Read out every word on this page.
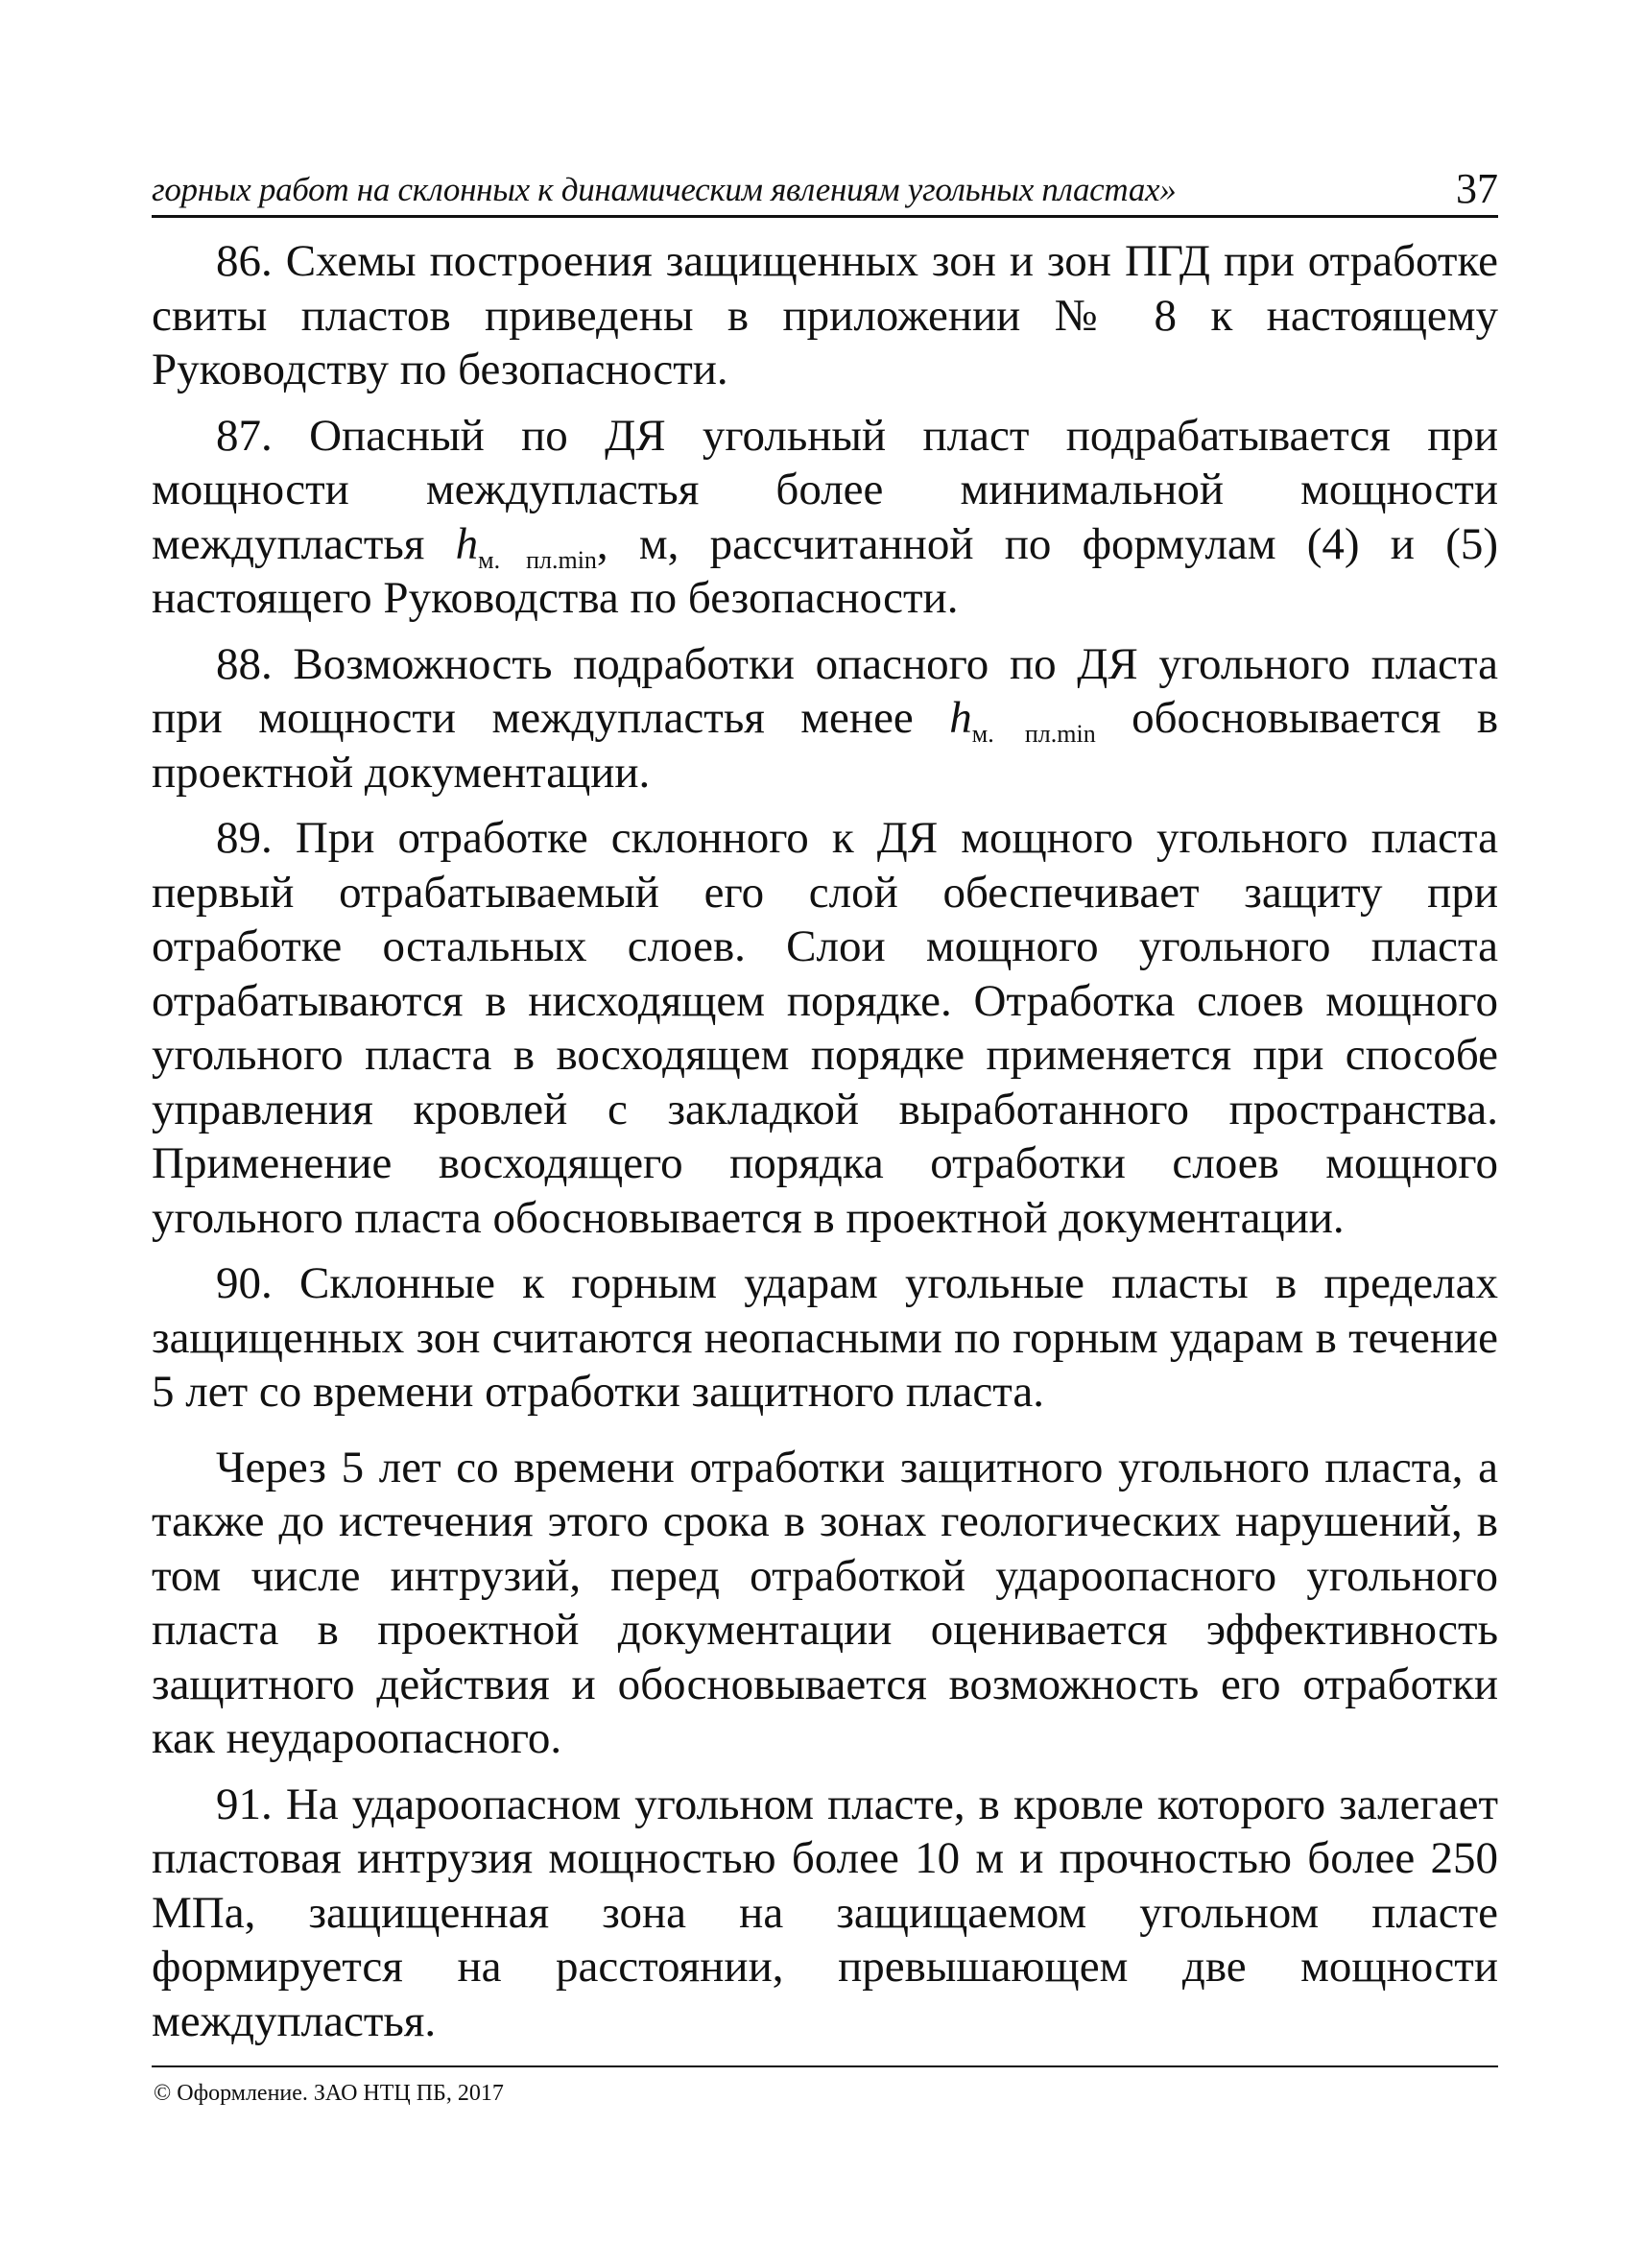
горных работ на склонных к динамическим явлениям угольных пластах»	37

86. Схемы построения защищенных зон и зон ПГД при отработке свиты пластов приведены в приложении № 8 к настоящему Руководству по безопасности.

87. Опасный по ДЯ угольный пласт подрабатывается при мощности междупластья более минимальной мощности междупластья $h_{м. пл.min}$, м, рассчитанной по формулам (4) и (5) настоящего Руководства по безопасности.

88. Возможность подработки опасного по ДЯ угольного пласта при мощности междупластья менее $h_{м. пл.min}$ обосновывается в проектной документации.

89. При отработке склонного к ДЯ мощного угольного пласта первый отрабатываемый его слой обеспечивает защиту при отработке остальных слоев. Слои мощного угольного пласта отрабатываются в нисходящем порядке. Отработка слоев мощного угольного пласта в восходящем порядке применяется при способе управления кровлей с закладкой выработанного пространства. Применение восходящего порядка отработки слоев мощного угольного пласта обосновывается в проектной документации.

90. Склонные к горным ударам угольные пласты в пределах защищенных зон считаются неопасными по горным ударам в течение 5 лет со времени отработки защитного пласта.

Через 5 лет со времени отработки защитного угольного пласта, а также до истечения этого срока в зонах геологических нарушений, в том числе интрузий, перед отработкой удароопасного угольного пласта в проектной документации оценивается эффективность защитного действия и обосновывается возможность его отработки как неудароопасного.

91. На удароопасном угольном пласте, в кровле которого залегает пластовая интрузия мощностью более 10 м и прочностью более 250 МПа, защищенная зона на защищаемом угольном пласте формируется на расстоянии, превышающем две мощности междупластья.

© Оформление. ЗАО НТЦ ПБ, 2017
